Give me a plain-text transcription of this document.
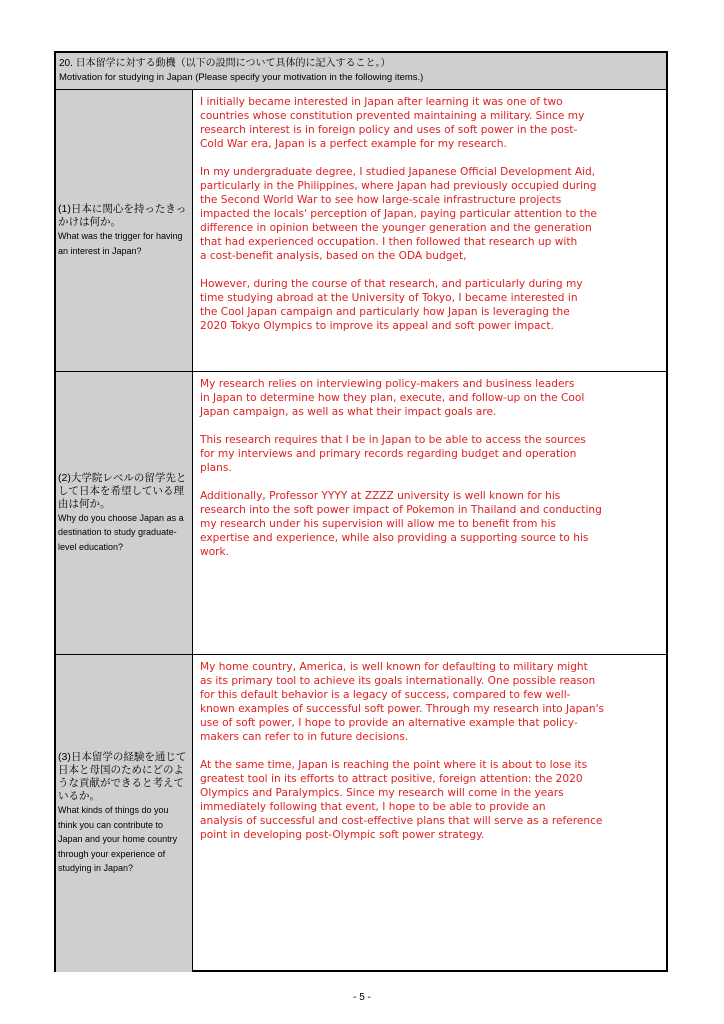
20. 日本留学に対する動機（以下の設問について具体的に記入すること。）
Motivation for studying in Japan (Please specify your motivation in the following items.)
(1)日本に関心を持ったきっかけは何か。
What was the trigger for having an interest in Japan?

I initially became interested in Japan after learning it was one of two
countries whose constitution prevented maintaining a military. Since my
research interest is in foreign policy and uses of soft power in the post-
Cold War era, Japan is a perfect example for my research.

In my undergraduate degree, I studied Japanese Official Development Aid,
particularly in the Philippines, where Japan had previously occupied during
the Second World War to see how large-scale infrastructure projects
impacted the locals' perception of Japan, paying particular attention to the
difference in opinion between the younger generation and the generation
that had experienced occupation. I then followed that research up with
a cost-benefit analysis, based on the ODA budget,

However, during the course of that research, and particularly during my
time studying abroad at the University of Tokyo, I became interested in
the Cool Japan campaign and particularly how Japan is leveraging the
2020 Tokyo Olympics to improve its appeal and soft power impact.

(2)大学院レベルの留学先として日本を希望している理由は何か。
Why do you choose Japan as a destination to study graduate-level education?

My research relies on interviewing policy-makers and business leaders
in Japan to determine how they plan, execute, and follow-up on the Cool
Japan campaign, as well as what their impact goals are.

This research requires that I be in Japan to be able to access the sources
for my interviews and primary records regarding budget and operation
plans.

Additionally, Professor YYYY at ZZZZ university is well known for his
research into the soft power impact of Pokemon in Thailand and conducting
my research under his supervision will allow me to benefit from his
expertise and experience, while also providing a supporting source to his
work.

(3)日本留学の経験を通じて日本と母国のためにどのような貢献ができると考えているか。
What kinds of things do you think you can contribute to Japan and your home country through your experience of studying in Japan?

My home country, America, is well known for defaulting to military might
as its primary tool to achieve its goals internationally. One possible reason
for this default behavior is a legacy of success, compared to few well-
known examples of successful soft power. Through my research into Japan's
use of soft power, I hope to provide an alternative example that policy-
makers can refer to in future decisions.

At the same time, Japan is reaching the point where it is about to lose its
greatest tool in its efforts to attract positive, foreign attention: the 2020
Olympics and Paralympics. Since my research will come in the years
immediately following that event, I hope to be able to provide an
analysis of successful and cost-effective plans that will serve as a reference
point in developing post-Olympic soft power strategy.

- 5 -
